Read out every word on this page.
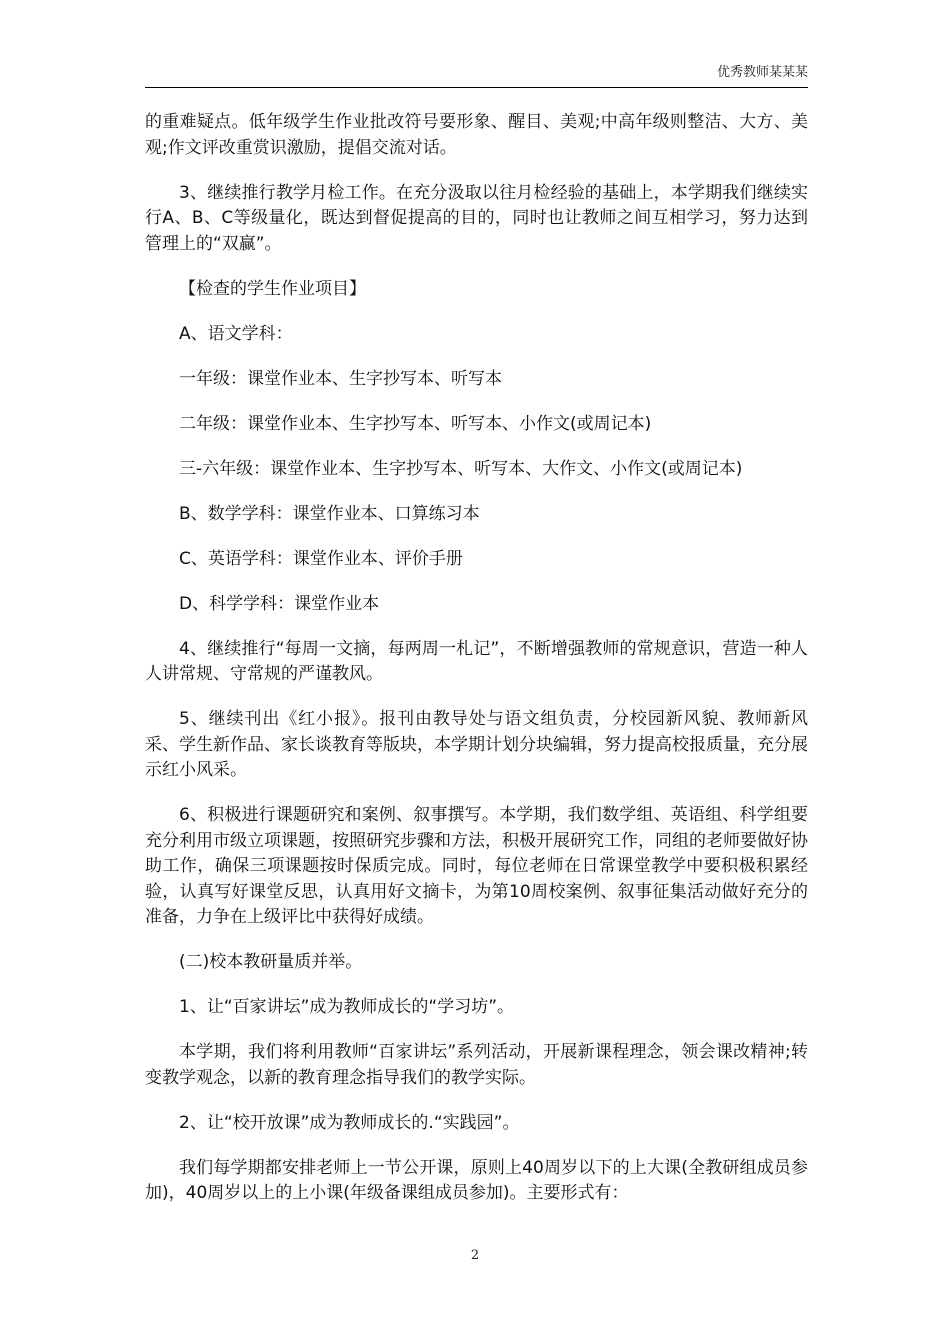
优秀教师某某某

的重难疑点。低年级学生作业批改符号要形象、醒目、美观;中高年级则整洁、大方、美观;作文评改重赏识激励，提倡交流对话。

3、继续推行教学月检工作。在充分汲取以往月检经验的基础上，本学期我们继续实行A、B、C等级量化，既达到督促提高的目的，同时也让教师之间互相学习，努力达到管理上的“双赢”。

【检查的学生作业项目】

A、语文学科：

一年级：课堂作业本、生字抄写本、听写本

二年级：课堂作业本、生字抄写本、听写本、小作文(或周记本)

三-六年级：课堂作业本、生字抄写本、听写本、大作文、小作文(或周记本)

B、数学学科：课堂作业本、口算练习本

C、英语学科：课堂作业本、评价手册

D、科学学科：课堂作业本

4、继续推行“每周一文摘，每两周一札记”，不断增强教师的常规意识，营造一种人人讲常规、守常规的严谨教风。

5、继续刊出《红小报》。报刊由教导处与语文组负责，分校园新风貌、教师新风采、学生新作品、家长谈教育等版块，本学期计划分块编辑，努力提高校报质量，充分展示红小风采。

6、积极进行课题研究和案例、叙事撰写。本学期，我们数学组、英语组、科学组要充分利用市级立项课题，按照研究步骤和方法，积极开展研究工作，同组的老师要做好协助工作，确保三项课题按时保质完成。同时，每位老师在日常课堂教学中要积极积累经验，认真写好课堂反思，认真用好文摘卡，为第10周校案例、叙事征集活动做好充分的准备，力争在上级评比中获得好成绩。

(二)校本教研量质并举。

1、让“百家讲坛”成为教师成长的“学习坊”。

本学期，我们将利用教师“百家讲坛”系列活动，开展新课程理念，领会课改精神;转变教学观念，以新的教育理念指导我们的教学实际。

2、让“校开放课”成为教师成长的.“实践园”。

我们每学期都安排老师上一节公开课，原则上40周岁以下的上大课(全教研组成员参加)，40周岁以上的上小课(年级备课组成员参加)。主要形式有：

2
